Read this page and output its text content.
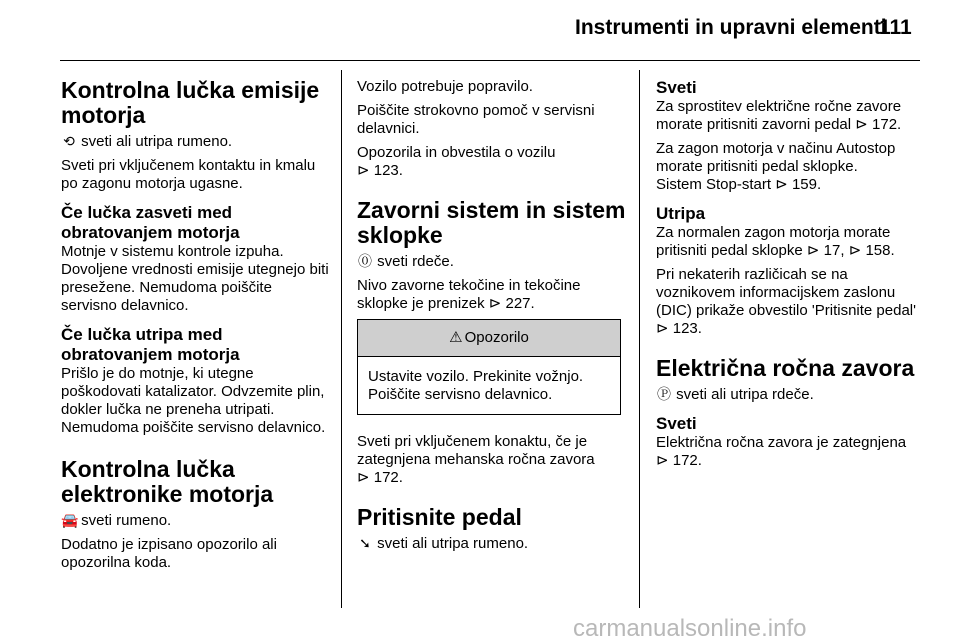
Instrumenti in upravni elementi
111
Kontrolna lučka emisije motorja

⟲ sveti ali utripa rumeno.

Sveti pri vključenem kontaktu in kmalu po zagonu motorja ugasne.

Če lučka zasveti med obratovanjem motorja

Motnje v sistemu kontrole izpuha. Dovoljene vrednosti emisije utegnejo biti presežene. Nemudoma poiščite servisno delavnico.

Če lučka utripa med obratovanjem motorja

Prišlo je do motnje, ki utegne poškodovati katalizator. Odvzemite plin, dokler lučka ne preneha utripati. Nemudoma poiščite servisno delavnico.

Kontrolna lučka elektronike motorja

🚘 sveti rumeno.

Dodatno je izpisano opozorilo ali opozorilna koda.

Vozilo potrebuje popravilo.

Poiščite strokovno pomoč v servisni delavnici.

Opozorila in obvestila o vozilu
⊳ 123.

Zavorni sistem in sistem sklopke

⓪ sveti rdeče.

Nivo zavorne tekočine in tekočine sklopke je prenizek ⊳ 227.

⚠ Opozorilo
Ustavite vozilo. Prekinite vožnjo. Poiščite servisno delavnico.

Sveti pri vključenem konaktu, če je zategnjena mehanska ročna zavora
⊳ 172.

Pritisnite pedal

➘ sveti ali utripa rumeno.

Sveti

Za sprostitev električne ročne zavore morate pritisniti zavorni pedal ⊳ 172.

Za zagon motorja v načinu Autostop morate pritisniti pedal sklopke.

Sistem Stop-start ⊳ 159.

Utripa

Za normalen zagon motorja morate pritisniti pedal sklopke ⊳ 17, ⊳ 158.

Pri nekaterih različicah se na voznikovem informacijskem zaslonu (DIC) prikaže obvestilo 'Pritisnite pedal' ⊳ 123.

Električna ročna zavora

Ⓟ sveti ali utripa rdeče.

Sveti

Električna ročna zavora je zategnjena
⊳ 172.

carmanualsonline.info
